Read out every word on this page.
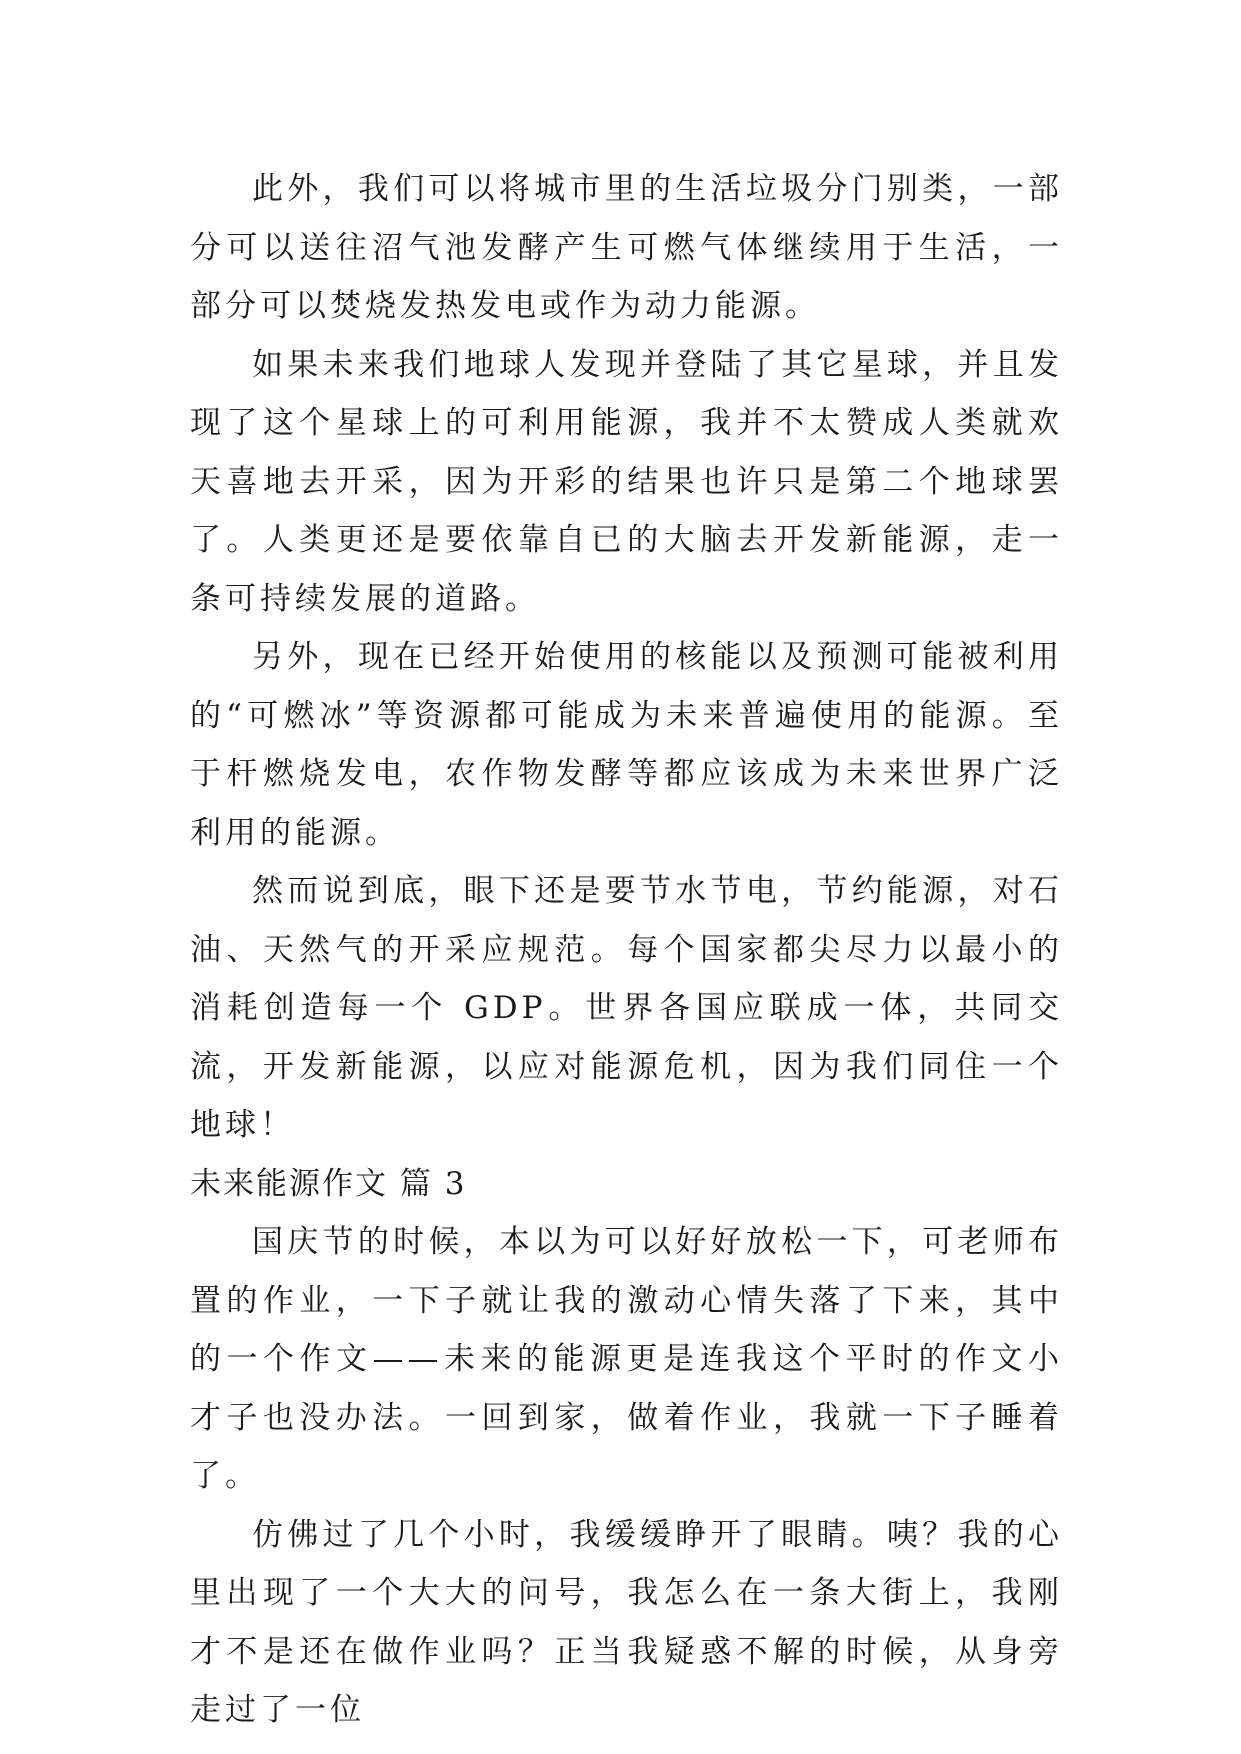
此外，我们可以将城市里的生活垃圾分门别类，一部分可以送往沼气池发酵产生可燃气体继续用于生活，一部分可以焚烧发热发电或作为动力能源。

如果未来我们地球人发现并登陆了其它星球，并且发现了这个星球上的可利用能源，我并不太赞成人类就欢天喜地去开采，因为开彩的结果也许只是第二个地球罢了。人类更还是要依靠自已的大脑去开发新能源，走一条可持续发展的道路。

另外，现在已经开始使用的核能以及预测可能被利用的“可燃冰”等资源都可能成为未来普遍使用的能源。至于杆燃烧发电，农作物发酵等都应该成为未来世界广泛利用的能源。

然而说到底，眼下还是要节水节电，节约能源，对石油、天然气的开采应规范。每个国家都尖尽力以最小的消耗创造每一个 GDP。世界各国应联成一体，共同交流，开发新能源，以应对能源危机，因为我们同住一个地球！

未来能源作文 篇 3

国庆节的时候，本以为可以好好放松一下，可老师布置的作业，一下子就让我的激动心情失落了下来，其中的一个作文——未来的能源更是连我这个平时的作文小才子也没办法。一回到家，做着作业，我就一下子睡着了。

仿佛过了几个小时，我缓缓睁开了眼睛。咦？我的心里出现了一个大大的问号，我怎么在一条大街上，我刚才不是还在做作业吗？正当我疑惑不解的时候，从身旁走过了一位
